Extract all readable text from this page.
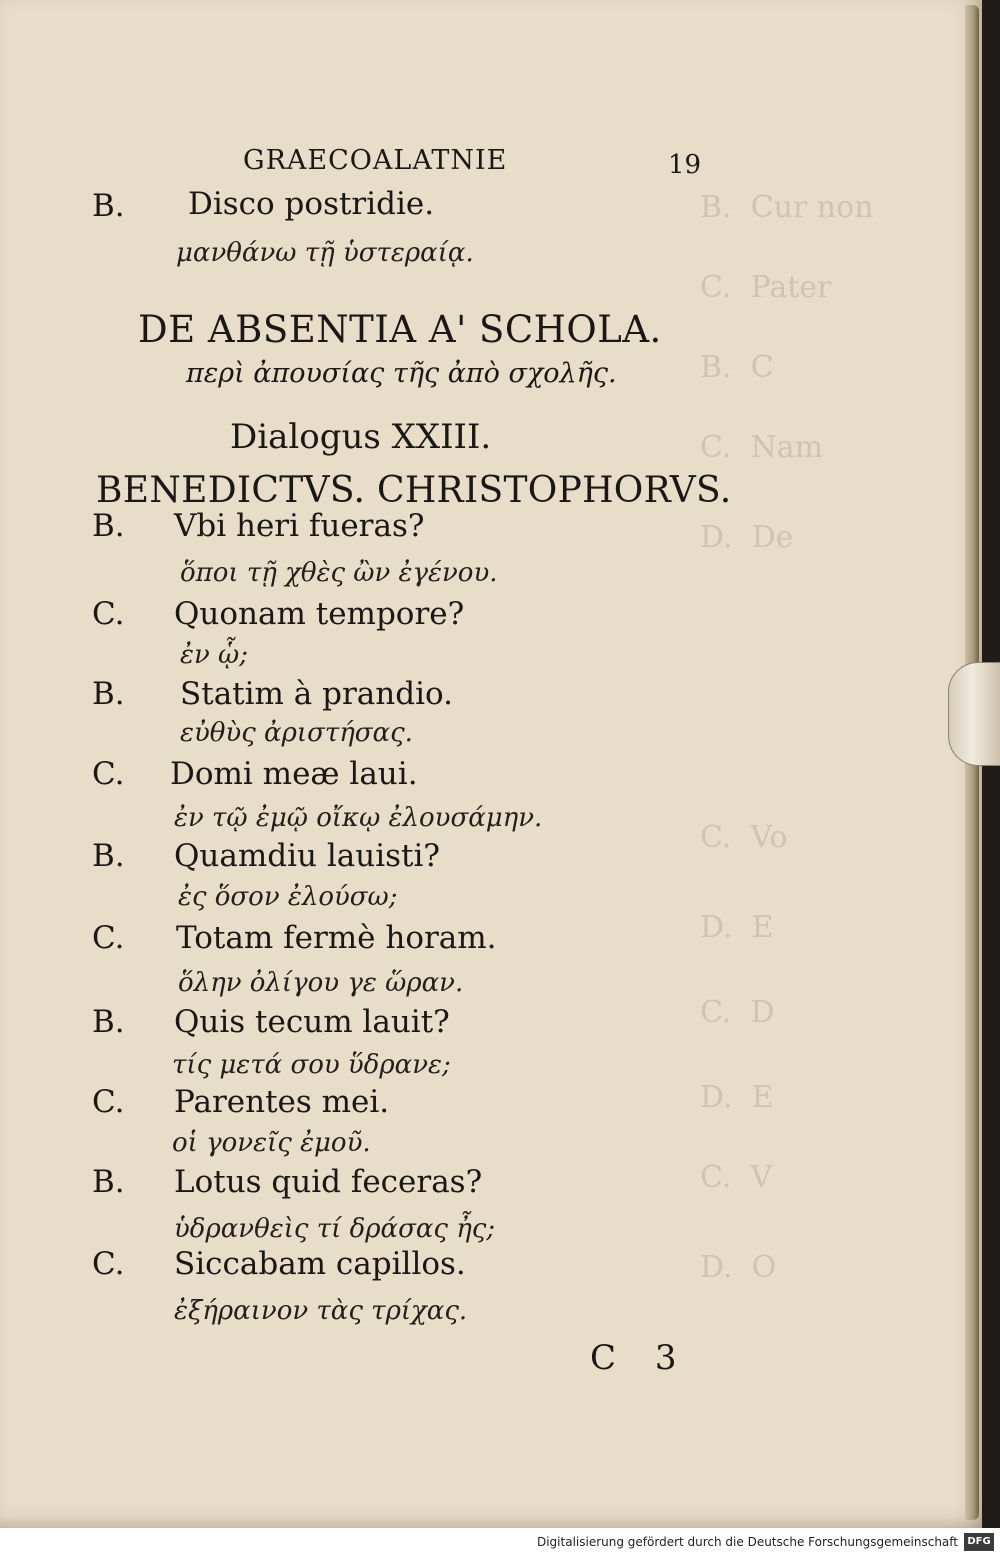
B.  Cur non
C.  Pater
B.  C
C.  Nam
D.  De
C.  Vo
D.  E
C.  D
D.  E
C.  V
D.  O
GRAECOALATNIE	19
B. Disco postridie.
μανθάνω τῇ ὑστεραίᾳ.
DE ABSENTIA A' SCHOLA.
περὶ ἀπουσίας τῆς ἀπὸ σχολῆς.
Dialogus XXIII.
BENEDICTVS. CHRISTOPHORVS.
B. Vbi heri fueras?
ὅποι τῇ χθὲς ὢν ἐγένου.
C. Quonam tempore?
ἐν ᾧ;
B. Statim à prandio.
εὐθὺς ἀριστήσας.
C. Domi meæ laui.
ἐν τῷ ἐμῷ οἴκῳ ἐλουσάμην.
B. Quamdiu lauisti?
ἐς ὅσον ἐλούσω;
C. Totam fermè horam.
ὅλην ὀλίγου γε ὥραν.
B. Quis tecum lauit?
τίς μετά σου ὕδρανε;
C. Parentes mei.
οἱ γονεῖς ἐμοῦ.
B. Lotus quid feceras?
ὑδρανθεὶς τί δράσας ἦς;
C. Siccabam capillos.
ἐξήραινον τὰς τρίχας.
C 3
Digitalisierung gefördert durch die Deutsche Forschungsgemeinschaft DFG
